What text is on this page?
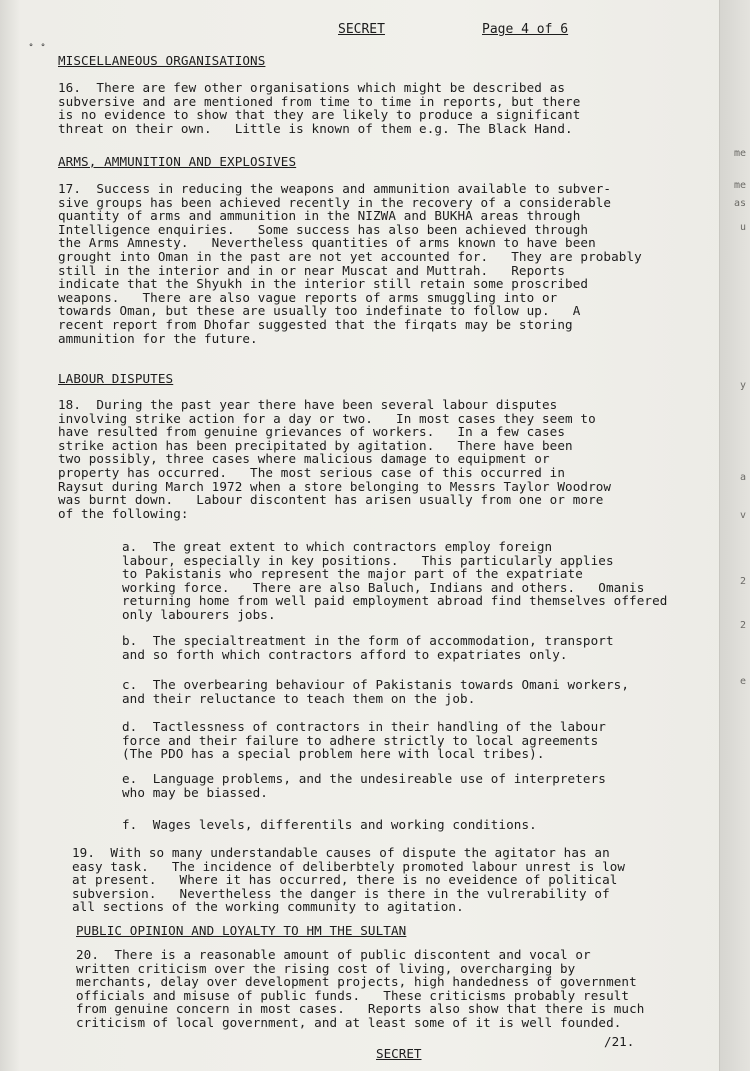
me
me
as
u
y
a
v
2
2
e
˚ ˚
SECRET	Page 4 of 6
MISCELLANEOUS ORGANISATIONS
16.  There are few other organisations which might be described as
subversive and are mentioned from time to time in reports, but there
is no evidence to show that they are likely to produce a significant
threat on their own.   Little is known of them e.g. The Black Hand.
ARMS, AMMUNITION AND EXPLOSIVES
17.  Success in reducing the weapons and ammunition available to subver-
sive groups has been achieved recently in the recovery of a considerable
quantity of arms and ammunition in the NIZWA and BUKHA areas through
Intelligence enquiries.   Some success has also been achieved through
the Arms Amnesty.   Nevertheless quantities of arms known to have been
grought into Oman in the past are not yet accounted for.   They are probably
still in the interior and in or near Muscat and Muttrah.   Reports
indicate that the Shyukh in the interior still retain some proscribed
weapons.   There are also vague reports of arms smuggling into or
towards Oman, but these are usually too indefinate to follow up.   A
recent report from Dhofar suggested that the firqats may be storing
ammunition for the future.
LABOUR DISPUTES
18.  During the past year there have been several labour disputes
involving strike action for a day or two.   In most cases they seem to
have resulted from genuine grievances of workers.   In a few cases
strike action has been precipitated by agitation.   There have been
two possibly, three cases where malicious damage to equipment or
property has occurred.   The most serious case of this occurred in
Raysut during March 1972 when a store belonging to Messrs Taylor Woodrow
was burnt down.   Labour discontent has arisen usually from one or more
of the following:
a.  The great extent to which contractors employ foreign
labour, especially in key positions.   This particularly applies
to Pakistanis who represent the major part of the expatriate
working force.   There are also Baluch, Indians and others.   Omanis
returning home from well paid employment abroad find themselves offered
only labourers jobs.
b.  The specialtreatment in the form of accommodation, transport
and so forth which contractors afford to expatriates only.
c.  The overbearing behaviour of Pakistanis towards Omani workers,
and their reluctance to teach them on the job.
d.  Tactlessness of contractors in their handling of the labour
force and their failure to adhere strictly to local agreements
(The PDO has a special problem here with local tribes).
e.  Language problems, and the undesireable use of interpreters
who may be biassed.
f.  Wages levels, differentils and working conditions.
19.  With so many understandable causes of dispute the agitator has an
easy task.   The incidence of deliberbtely promoted labour unrest is low
at present.   Where it has occurred, there is no eveidence of political
subversion.   Nevertheless the danger is there in the vulrerability of
all sections of the working community to agitation.
PUBLIC OPINION AND LOYALTY TO HM THE SULTAN
20.  There is a reasonable amount of public discontent and vocal or
written criticism over the rising cost of living, overcharging by
merchants, delay over development projects, high handedness of government
officials and misuse of public funds.   These criticisms probably result
from genuine concern in most cases.   Reports also show that there is much
criticism of local government, and at least some of it is well founded.
/21.
SECRET
